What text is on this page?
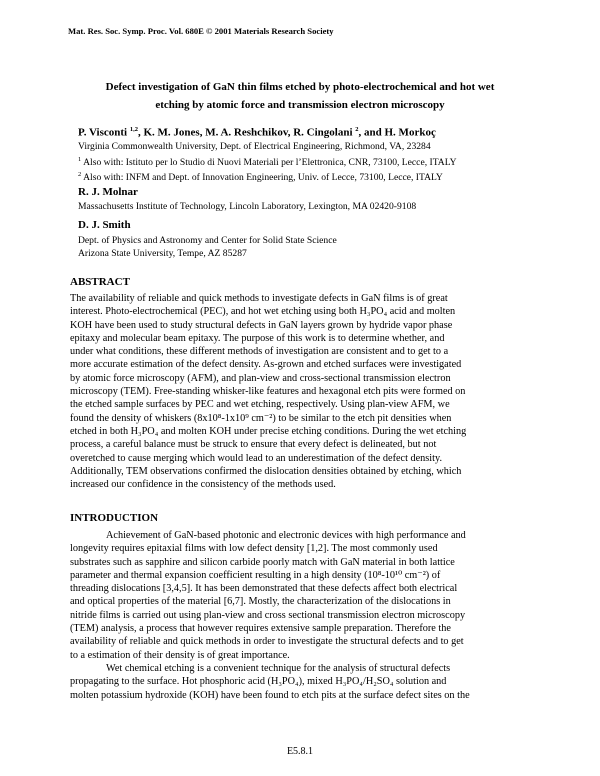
Mat. Res. Soc. Symp. Proc. Vol. 680E © 2001 Materials Research Society
Defect investigation of GaN thin films etched by photo-electrochemical and hot wet
etching by atomic force and transmission electron microscopy
P. Visconti $^{1,2}$, K. M. Jones, M. A. Reshchikov, R. Cingolani $^2$, and H. Morkoç
Virginia Commonwealth University, Dept. of Electrical Engineering, Richmond, VA, 23284
$^1$ Also with: Istituto per lo Studio di Nuovi Materiali per l’Elettronica, CNR, 73100, Lecce, ITALY
$^2$ Also with: INFM and Dept. of Innovation Engineering, Univ. of Lecce, 73100, Lecce, ITALY
R. J. Molnar
Massachusetts Institute of Technology, Lincoln Laboratory, Lexington, MA 02420-9108
D. J. Smith
Dept. of Physics and Astronomy and Center for Solid State Science
Arizona State University, Tempe, AZ 85287
ABSTRACT
The availability of reliable and quick methods to investigate defects in GaN films is of great
interest. Photo-electrochemical (PEC), and hot wet etching using both H₃PO₄ acid and molten
KOH have been used to study structural defects in GaN layers grown by hydride vapor phase
epitaxy and molecular beam epitaxy. The purpose of this work is to determine whether, and
under what conditions, these different methods of investigation are consistent and to get to a
more accurate estimation of the defect density. As-grown and etched surfaces were investigated
by atomic force microscopy (AFM), and plan-view and cross-sectional transmission electron
microscopy (TEM). Free-standing whisker-like features and hexagonal etch pits were formed on
the etched sample surfaces by PEC and wet etching, respectively. Using plan-view AFM, we
found the density of whiskers (8x10⁸-1x10⁹ cm⁻²) to be similar to the etch pit densities when
etched in both H₃PO₄ and molten KOH under precise etching conditions. During the wet etching
process, a careful balance must be struck to ensure that every defect is delineated, but not
overetched to cause merging which would lead to an underestimation of the defect density.
Additionally, TEM observations confirmed the dislocation densities obtained by etching, which
increased our confidence in the consistency of the methods used.
INTRODUCTION
Achievement of GaN-based photonic and electronic devices with high performance and
longevity requires epitaxial films with low defect density [1,2]. The most commonly used
substrates such as sapphire and silicon carbide poorly match with GaN material in both lattice
parameter and thermal expansion coefficient resulting in a high density (10⁸-10¹⁰ cm⁻²) of
threading dislocations [3,4,5]. It has been demonstrated that these defects affect both electrical
and optical properties of the material [6,7]. Mostly, the characterization of the dislocations in
nitride films is carried out using plan-view and cross sectional transmission electron microscopy
(TEM) analysis, a process that however requires extensive sample preparation. Therefore the
availability of reliable and quick methods in order to investigate the structural defects and to get
to a estimation of their density is of great importance.
Wet chemical etching is a convenient technique for the analysis of structural defects
propagating to the surface. Hot phosphoric acid (H₃PO₄), mixed H₃PO₄/H₂SO₄ solution and
molten potassium hydroxide (KOH) have been found to etch pits at the surface defect sites on the
E5.8.1
